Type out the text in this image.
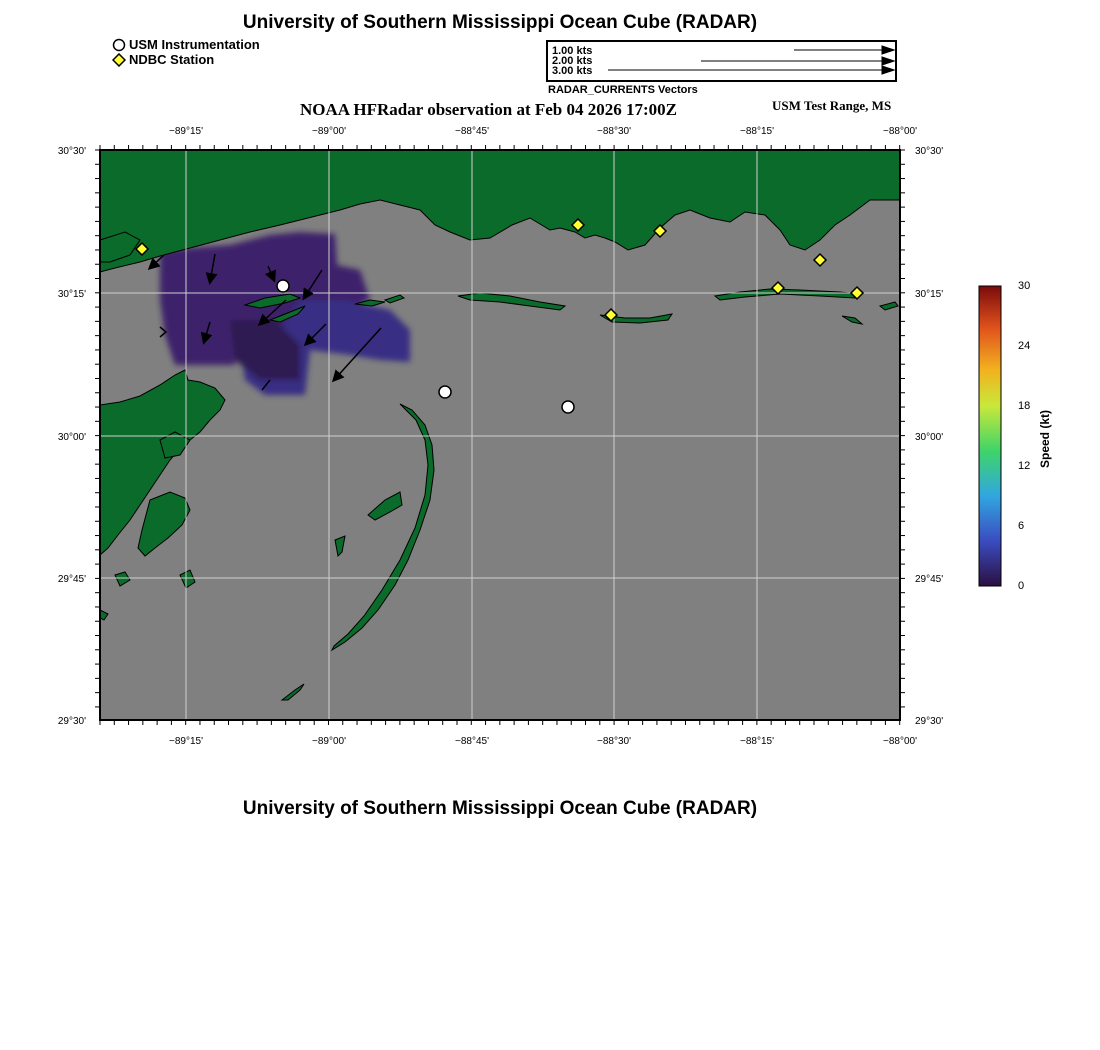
University of Southern Mississippi Ocean Cube (RADAR)
USM Instrumentation
NDBC Station
1.00 kts
2.00 kts
3.00 kts
RADAR_CURRENTS Vectors
NOAA HFRadar observation at Feb 04 2026 17:00Z	USM Test Range, MS
−89°15'	−89°00'	−88°45'	−88°30'	−88°15'	−88°00'
−89°15'	−89°00'	−88°45'	−88°30'	−88°15'	−88°00'
30°30'
30°15'
30°00'
29°45'
29°30'
30°30'
30°15'
30°00'
29°45'
29°30'
30
24
18
12
6
0
Speed (kt)
University of Southern Mississippi Ocean Cube (RADAR)
